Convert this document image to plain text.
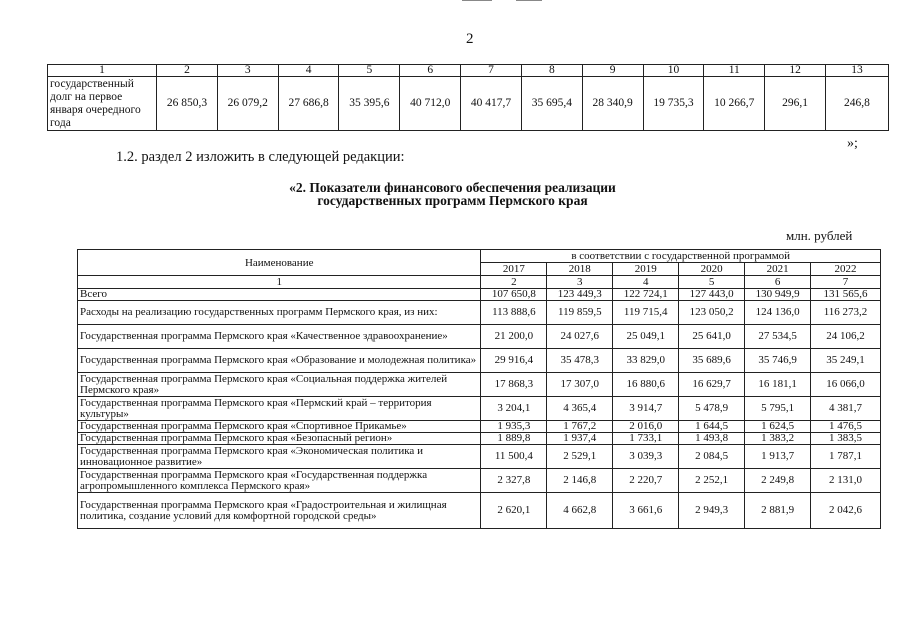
2
1	2	3	4	5	6	7	8	9	10	11	12	13
государственный долг на первое января очередного года	26 850,3	26 079,2	27 686,8	35 395,6	40 712,0	40 417,7	35 695,4	28 340,9	19 735,3	10 266,7	296,1	246,8
»;
1.2. раздел 2 изложить в следующей редакции:
«2. Показатели финансового обеспечения реализации
государственных программ Пермского края
млн. рублей
Наименование	в соответствии с государственной программой					
	2017	2018	2019	2020	2021	2022
1	2	3	4	5	6	7
Всего	107 650,8	123 449,3	122 724,1	127 443,0	130 949,9	131 565,6
Расходы на реализацию государственных программ Пермского края, из них:	113 888,6	119 859,5	119 715,4	123 050,2	124 136,0	116 273,2
Государственная программа Пермского края «Качественное здравоохранение»	21 200,0	24 027,6	25 049,1	25 641,0	27 534,5	24 106,2
Государственная программа Пермского края «Образование и молодежная политика»	29 916,4	35 478,3	33 829,0	35 689,6	35 746,9	35 249,1
Государственная программа Пермского края «Социальная поддержка жителей Пермского края»	17 868,3	17 307,0	16 880,6	16 629,7	16 181,1	16 066,0
Государственная программа Пермского края «Пермский край – территория культуры»	3 204,1	4 365,4	3 914,7	5 478,9	5 795,1	4 381,7
Государственная программа Пермского края «Спортивное Прикамье»	1 935,3	1 767,2	2 016,0	1 644,5	1 624,5	1 476,5
Государственная программа Пермского края «Безопасный регион»	1 889,8	1 937,4	1 733,1	1 493,8	1 383,2	1 383,5
Государственная программа Пермского края «Экономическая политика и инновационное развитие»	11 500,4	2 529,1	3 039,3	2 084,5	1 913,7	1 787,1
Государственная программа Пермского края «Государственная поддержка агропромышленного комплекса Пермского края»	2 327,8	2 146,8	2 220,7	2 252,1	2 249,8	2 131,0
Государственная программа Пермского края «Градостроительная и жилищная политика, создание условий для комфортной городской среды»	2 620,1	4 662,8	3 661,6	2 949,3	2 881,9	2 042,6
